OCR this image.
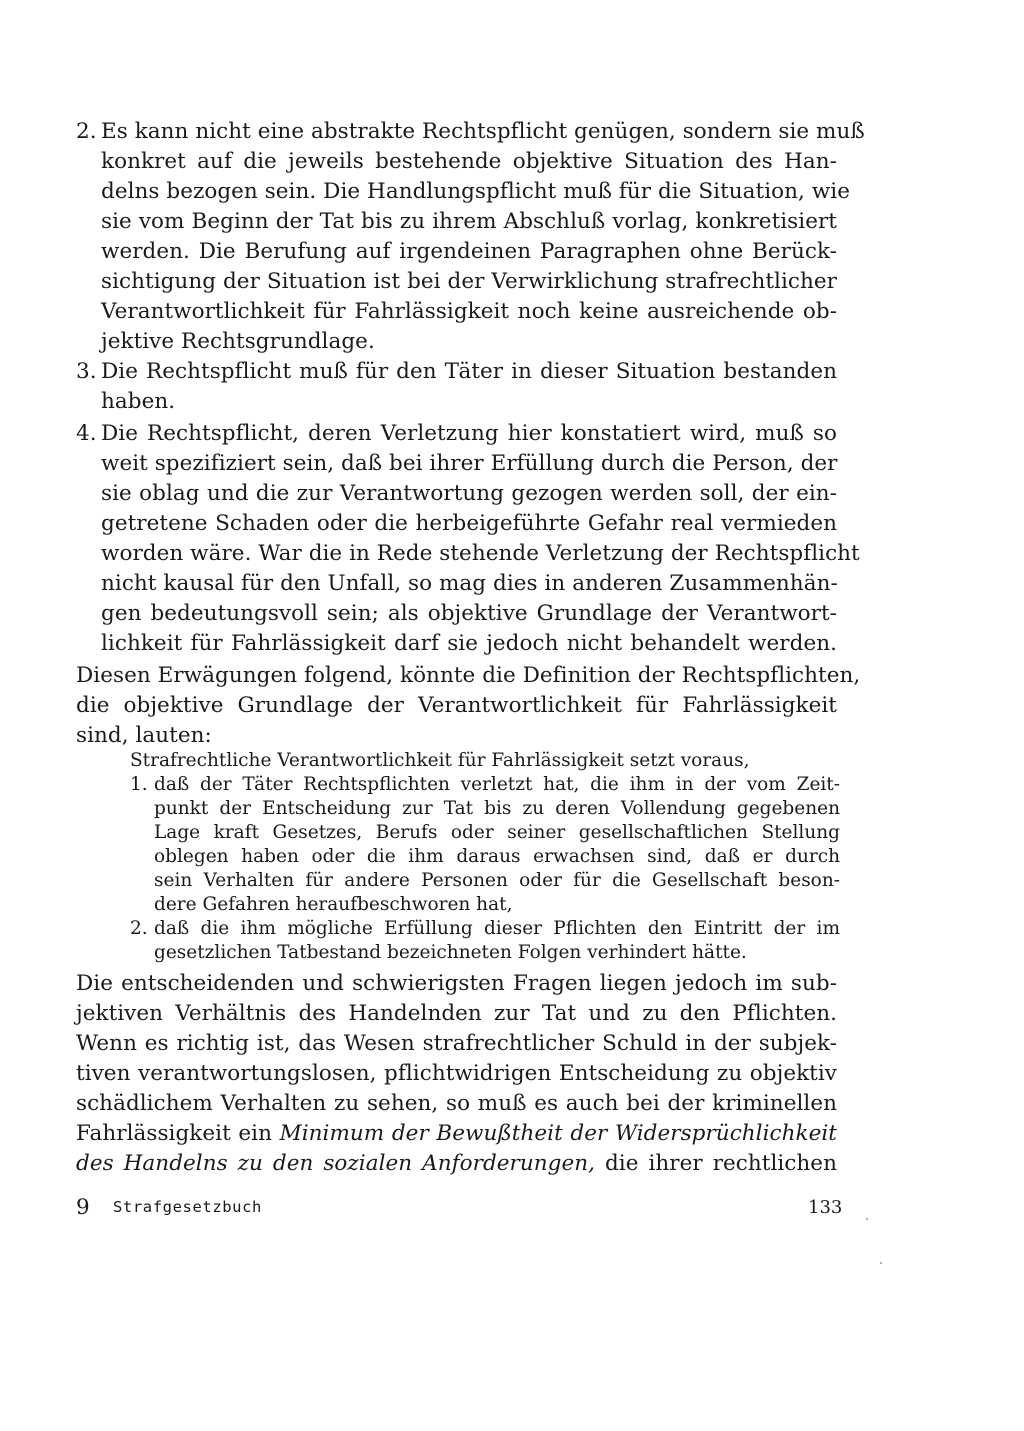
2. Es kann nicht eine abstrakte Rechtspflicht genügen, sondern sie muß
konkret auf die jeweils bestehende objektive Situation des Han-
delns bezogen sein. Die Handlungspflicht muß für die Situation, wie
sie vom Beginn der Tat bis zu ihrem Abschluß vorlag, konkretisiert
werden. Die Berufung auf irgendeinen Paragraphen ohne Berück-
sichtigung der Situation ist bei der Verwirklichung strafrechtlicher
Verantwortlichkeit für Fahrlässigkeit noch keine ausreichende ob-
jektive Rechtsgrundlage.
3. Die Rechtspflicht muß für den Täter in dieser Situation bestanden
haben.
4. Die Rechtspflicht, deren Verletzung hier konstatiert wird, muß so
weit spezifiziert sein, daß bei ihrer Erfüllung durch die Person, der
sie oblag und die zur Verantwortung gezogen werden soll, der ein-
getretene Schaden oder die herbeigeführte Gefahr real vermieden
worden wäre. War die in Rede stehende Verletzung der Rechtspflicht
nicht kausal für den Unfall, so mag dies in anderen Zusammenhän-
gen bedeutungsvoll sein; als objektive Grundlage der Verantwort-
lichkeit für Fahrlässigkeit darf sie jedoch nicht behandelt werden.
Diesen Erwägungen folgend, könnte die Definition der Rechtspflichten,
die objektive Grundlage der Verantwortlichkeit für Fahrlässigkeit
sind, lauten:
Strafrechtliche Verantwortlichkeit für Fahrlässigkeit setzt voraus,
1. daß der Täter Rechtspflichten verletzt hat, die ihm in der vom Zeit-
punkt der Entscheidung zur Tat bis zu deren Vollendung gegebenen
Lage kraft Gesetzes, Berufs oder seiner gesellschaftlichen Stellung
oblegen haben oder die ihm daraus erwachsen sind, daß er durch
sein Verhalten für andere Personen oder für die Gesellschaft beson-
dere Gefahren heraufbeschworen hat,
2. daß die ihm mögliche Erfüllung dieser Pflichten den Eintritt der im
gesetzlichen Tatbestand bezeichneten Folgen verhindert hätte.
Die entscheidenden und schwierigsten Fragen liegen jedoch im sub-
jektiven Verhältnis des Handelnden zur Tat und zu den Pflichten.
Wenn es richtig ist, das Wesen strafrechtlicher Schuld in der subjek-
tiven verantwortungslosen, pflichtwidrigen Entscheidung zu objektiv
schädlichem Verhalten zu sehen, so muß es auch bei der kriminellen
Fahrlässigkeit ein Minimum der Bewußtheit der Widersprüchlichkeit
des Handelns zu den sozialen Anforderungen, die ihrer rechtlichen
9 Strafgesetzbuch	133
